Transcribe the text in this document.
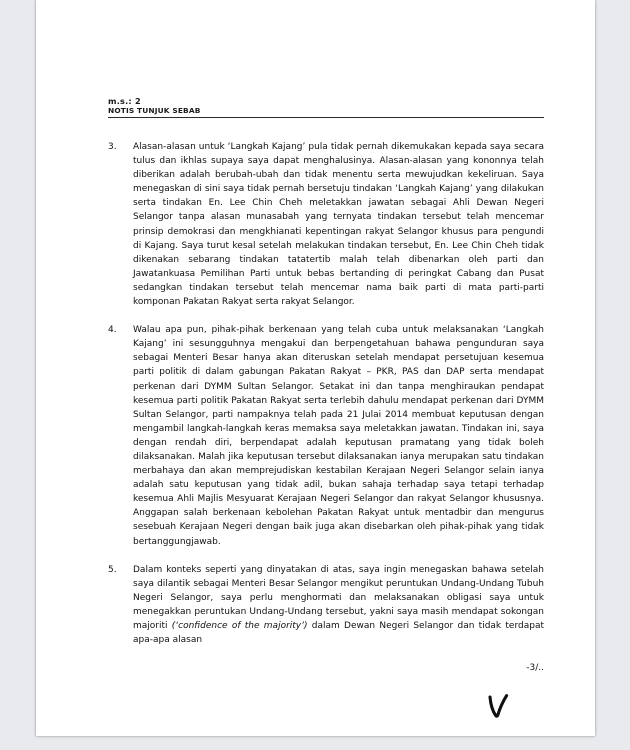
m.s.: 2
NOTIS TUNJUK SEBAB
3.	Alasan-alasan untuk ‘Langkah Kajang’ pula tidak pernah dikemukakan kepada saya secara tulus dan ikhlas supaya saya dapat menghalusinya. Alasan-alasan yang kononnya telah diberikan adalah berubah-ubah dan tidak menentu serta mewujudkan kekeliruan. Saya menegaskan di sini saya tidak pernah bersetuju tindakan ‘Langkah Kajang’ yang dilakukan serta tindakan En. Lee Chin Cheh meletakkan jawatan sebagai Ahli Dewan Negeri Selangor tanpa alasan munasabah yang ternyata tindakan tersebut telah mencemar prinsip demokrasi dan mengkhianati kepentingan rakyat Selangor khusus para pengundi di Kajang. Saya turut kesal setelah melakukan tindakan tersebut, En. Lee Chin Cheh tidak dikenakan sebarang tindakan tatatertib malah telah dibenarkan oleh parti dan Jawatankuasa Pemilihan Parti untuk bebas bertanding di peringkat Cabang dan Pusat sedangkan tindakan tersebut telah mencemar nama baik parti di mata parti-parti komponan Pakatan Rakyat serta rakyat Selangor.
4.	Walau apa pun, pihak-pihak berkenaan yang telah cuba untuk melaksanakan ‘Langkah Kajang’ ini sesungguhnya mengakui dan berpengetahuan bahawa pengunduran saya sebagai Menteri Besar hanya akan diteruskan setelah mendapat persetujuan kesemua parti politik di dalam gabungan Pakatan Rakyat – PKR, PAS dan DAP serta mendapat perkenan dari DYMM Sultan Selangor. Setakat ini dan tanpa menghiraukan pendapat kesemua parti politik Pakatan Rakyat serta terlebih dahulu mendapat perkenan dari DYMM Sultan Selangor, parti nampaknya telah pada 21 Julai 2014 membuat keputusan dengan mengambil langkah-langkah keras memaksa saya meletakkan jawatan. Tindakan ini, saya dengan rendah diri, berpendapat adalah keputusan pramatang yang tidak boleh dilaksanakan. Malah jika keputusan tersebut dilaksanakan ianya merupakan satu tindakan merbahaya dan akan memprejudiskan kestabilan Kerajaan Negeri Selangor selain ianya adalah satu keputusan yang tidak adil, bukan sahaja terhadap saya tetapi terhadap kesemua Ahli Majlis Mesyuarat Kerajaan Negeri Selangor dan rakyat Selangor khususnya. Anggapan salah berkenaan kebolehan Pakatan Rakyat untuk mentadbir dan mengurus sesebuah Kerajaan Negeri dengan baik juga akan disebarkan oleh pihak-pihak yang tidak bertanggungjawab.
5.	Dalam konteks seperti yang dinyatakan di atas, saya ingin menegaskan bahawa setelah saya dilantik sebagai Menteri Besar Selangor mengikut peruntukan Undang-Undang Tubuh Negeri Selangor, saya perlu menghormati dan melaksanakan obligasi saya untuk menegakkan peruntukan Undang-Undang tersebut, yakni saya masih mendapat sokongan majoriti (‘confidence of the majority’) dalam Dewan Negeri Selangor dan tidak terdapat apa-apa alasan
-3/..
